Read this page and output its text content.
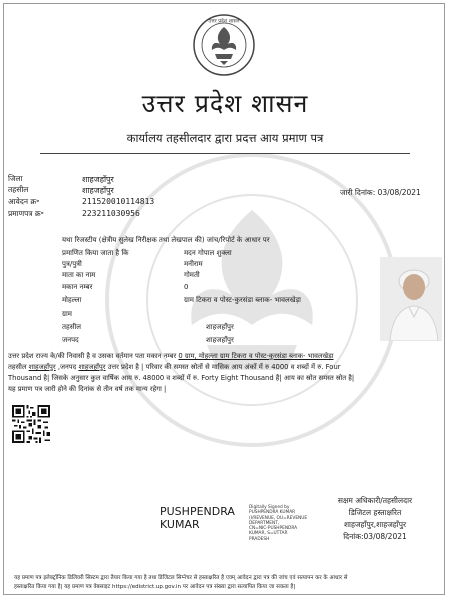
उत्तर प्रदेश शासन
उत्तर प्रदेश शासन
कार्यालय तहसीलदार द्वारा प्रदत्त आय प्रमाण पत्र
जिला	शाहजहाँपुर
तहसील	शाहजहाँपुर
आवेदन क्र॰	211520010114813
प्रमाणपत्र क्र॰	223211030956
जारी दिनांक: 03/08/2021
यथा रिजस्टीय (क्षेत्रीय सुलेख निरीक्षक तथा लेखपाल की) जांच/रिपोर्ट के आधार पर
प्रमाणित किया जाता है कि	मदन गोपाल शुक्ला
पुत्र/पुत्री	मनीराम
माता का नाम	गोमती
मकान नम्बर	0
मोहल्ला	ग्राम टिकरा व पोस्ट-कुरसंडा ब्लाक- भावलखेड़ा
ग्राम
तहसील	शाहजहाँपुर
जनपद	शाहजहाँपुर
उत्तर प्रदेश राज्य के/की निवासी है व उसका वर्तमान पता मकान नम्बर 0 ग्राम, मोहल्ला ग्राम टिकरा व पोस्ट-कुरसंडा ब्लाक- भावलखेड़ा
तहसील शाहजहाँपुर ,जनपद शाहजहाँपुर उत्तर प्रदेश है | परिवार की समस्त स्रोतों से मासिक आय अंकों में रु 4000 व शब्दों में रु. Four
Thousand है| जिसके अनुसार कुल वार्षिक आय रु. 48000 व शब्दों में रु. Forty Eight Thousand है| आय का स्रोत समस्त स्रोत है|
यह प्रमाण पत्र जारी होने की दिनांक से तीन वर्ष तक मान्य रहेगा |
PUSHPENDRA
KUMAR
Digitally Signed by
PUSHPENDRA KUMAR
(I/REVENUE, OU=REVENUE
DEPARTMENT,
CN=NIC-PUSHPENDRA
KUMAR, S=UTTAR
PRADESH
सक्षम अधिकारी/तहसीलदार
डिजिटल हस्ताक्षरित
शाहजहाँपुर,शाहजहाँपुर
दिनांक:03/08/2021
यह प्रमाण पत्र इलेक्ट्रॉनिक डिलिवरी सिस्टम द्वारा तैयार किया गया है तथा डिजिटल सिग्नेचर से हस्ताक्षरित है एवम् आवेदन द्वारा पत्र की जांच एवं सत्यापन कर के आधार से
हस्ताक्षरित किया गया है| यह प्रमाण पत्र वेबसाइट https://edistrict.up.gov.in पर आवेदन पत्र संख्या द्वारा सत्यापित किया जा सकता है|
